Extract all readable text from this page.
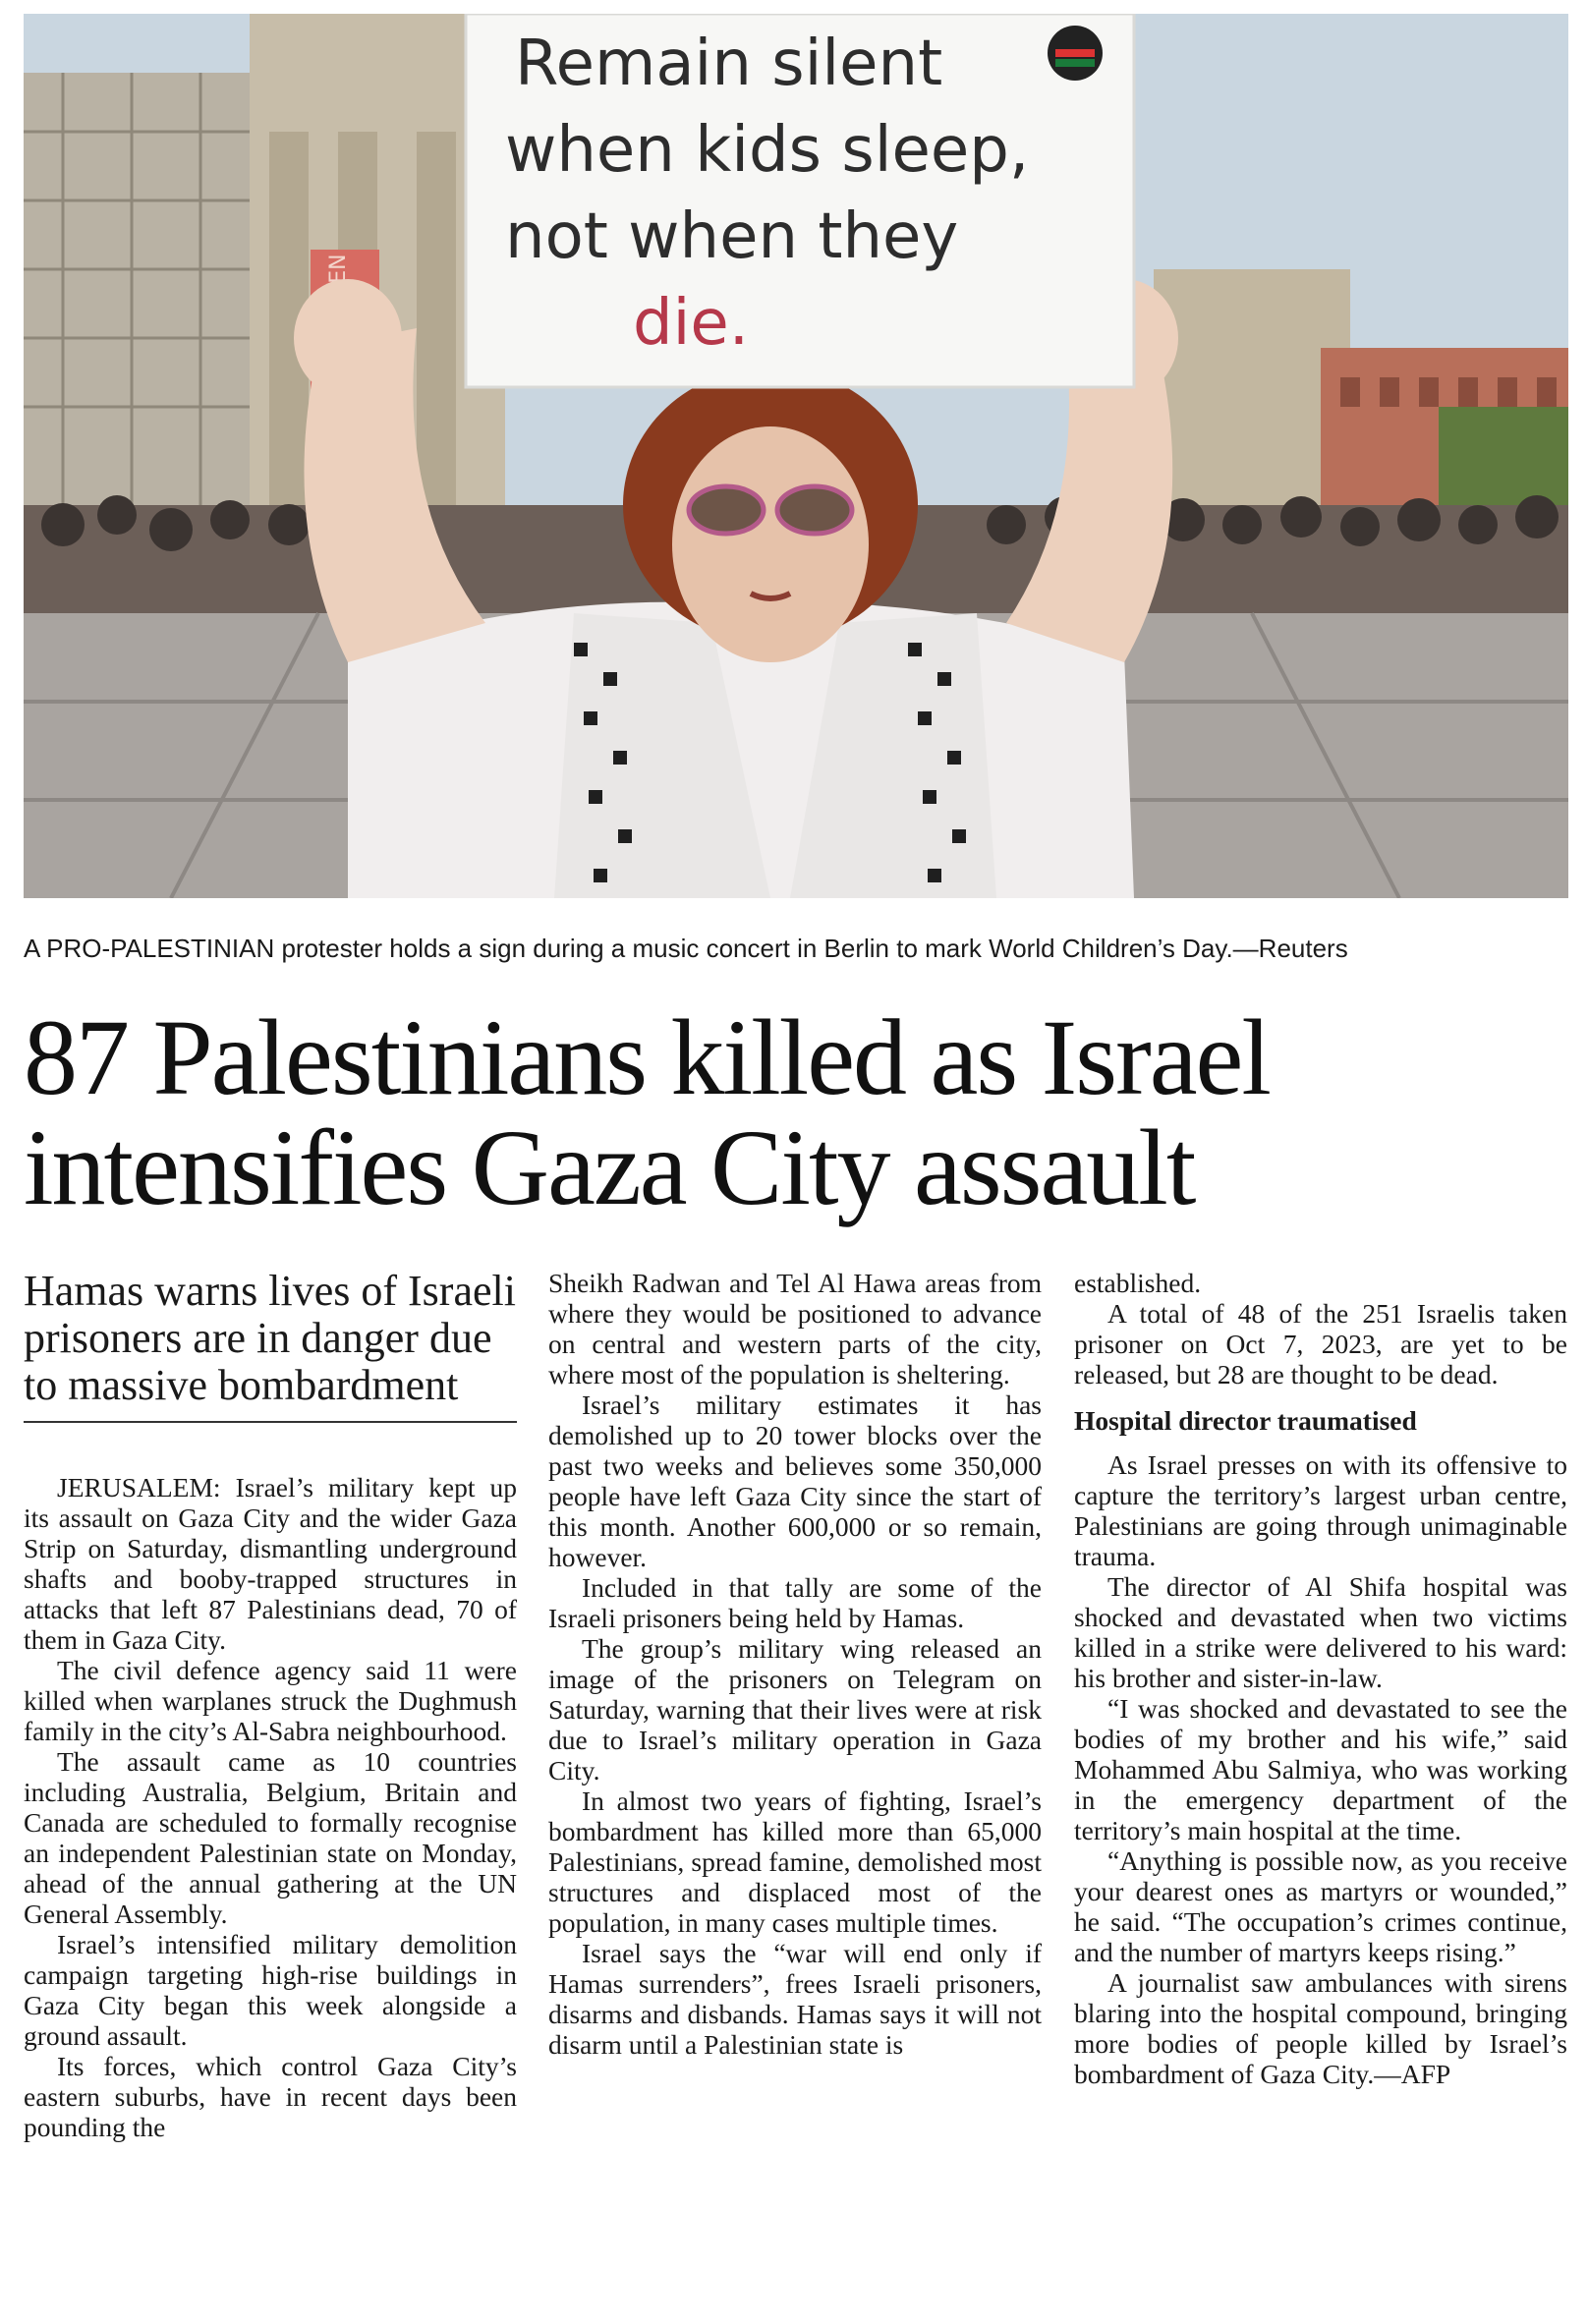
Remain silent
when kids sleep,
not when they
die.
A PRO-PALESTINIAN protester holds a sign during a music concert in Berlin to mark World Children’s Day.—Reuters
87 Palestinians killed as Israel
intensifies Gaza City assault
Hamas warns lives of Israeli prisoners are in danger due to massive bombardment

JERUSALEM: Israel’s military kept up its assault on Gaza City and the wider Gaza Strip on Saturday, dismantling underground shafts and booby-trapped structures in attacks that left 87 Palestinians dead, 70 of them in Gaza City.

The civil defence agency said 11 were killed when warplanes struck the Dughmush family in the city’s Al-Sabra neighbourhood.

The assault came as 10 countries including Australia, Belgium, Britain and Canada are scheduled to formally recognise an independent Palestinian state on Monday, ahead of the annual gathering at the UN General Assembly.

Israel’s intensified military demolition campaign targeting high-rise buildings in Gaza City began this week alongside a ground assault.

Its forces, which control Gaza City’s eastern suburbs, have in recent days been pounding the

Sheikh Radwan and Tel Al Hawa areas from where they would be positioned to advance on central and western parts of the city, where most of the population is sheltering.

Israel’s military estimates it has demolished up to 20 tower blocks over the past two weeks and believes some 350,000 people have left Gaza City since the start of this month. Another 600,000 or so remain, however.

Included in that tally are some of the Israeli prisoners being held by Hamas.

The group’s military wing released an image of the prisoners on Telegram on Saturday, warning that their lives were at risk due to Israel’s military operation in Gaza City.

In almost two years of fighting, Israel’s bombardment has killed more than 65,000 Palestinians, spread famine, demolished most structures and displaced most of the population, in many cases multiple times.

Israel says the “war will end only if Hamas surrenders”, frees Israeli prisoners, disarms and disbands. Hamas says it will not disarm until a Palestinian state is

established.

A total of 48 of the 251 Israelis taken prisoner on Oct 7, 2023, are yet to be released, but 28 are thought to be dead.

Hospital director traumatised

As Israel presses on with its offensive to capture the territory’s largest urban centre, Palestinians are going through unimaginable trauma.

The director of Al Shifa hospital was shocked and devastated when two victims killed in a strike were delivered to his ward: his brother and sister-in-law.

“I was shocked and devastated to see the bodies of my brother and his wife,” said Mohammed Abu Salmiya, who was working in the emergency department of the territory’s main hospital at the time.

“Anything is possible now, as you receive your dearest ones as martyrs or wounded,” he said. “The occupation’s crimes continue, and the number of martyrs keeps rising.”

A journalist saw ambulances with sirens blaring into the hospital compound, bringing more bodies of people killed by Israel’s bombardment of Gaza City.—AFP
